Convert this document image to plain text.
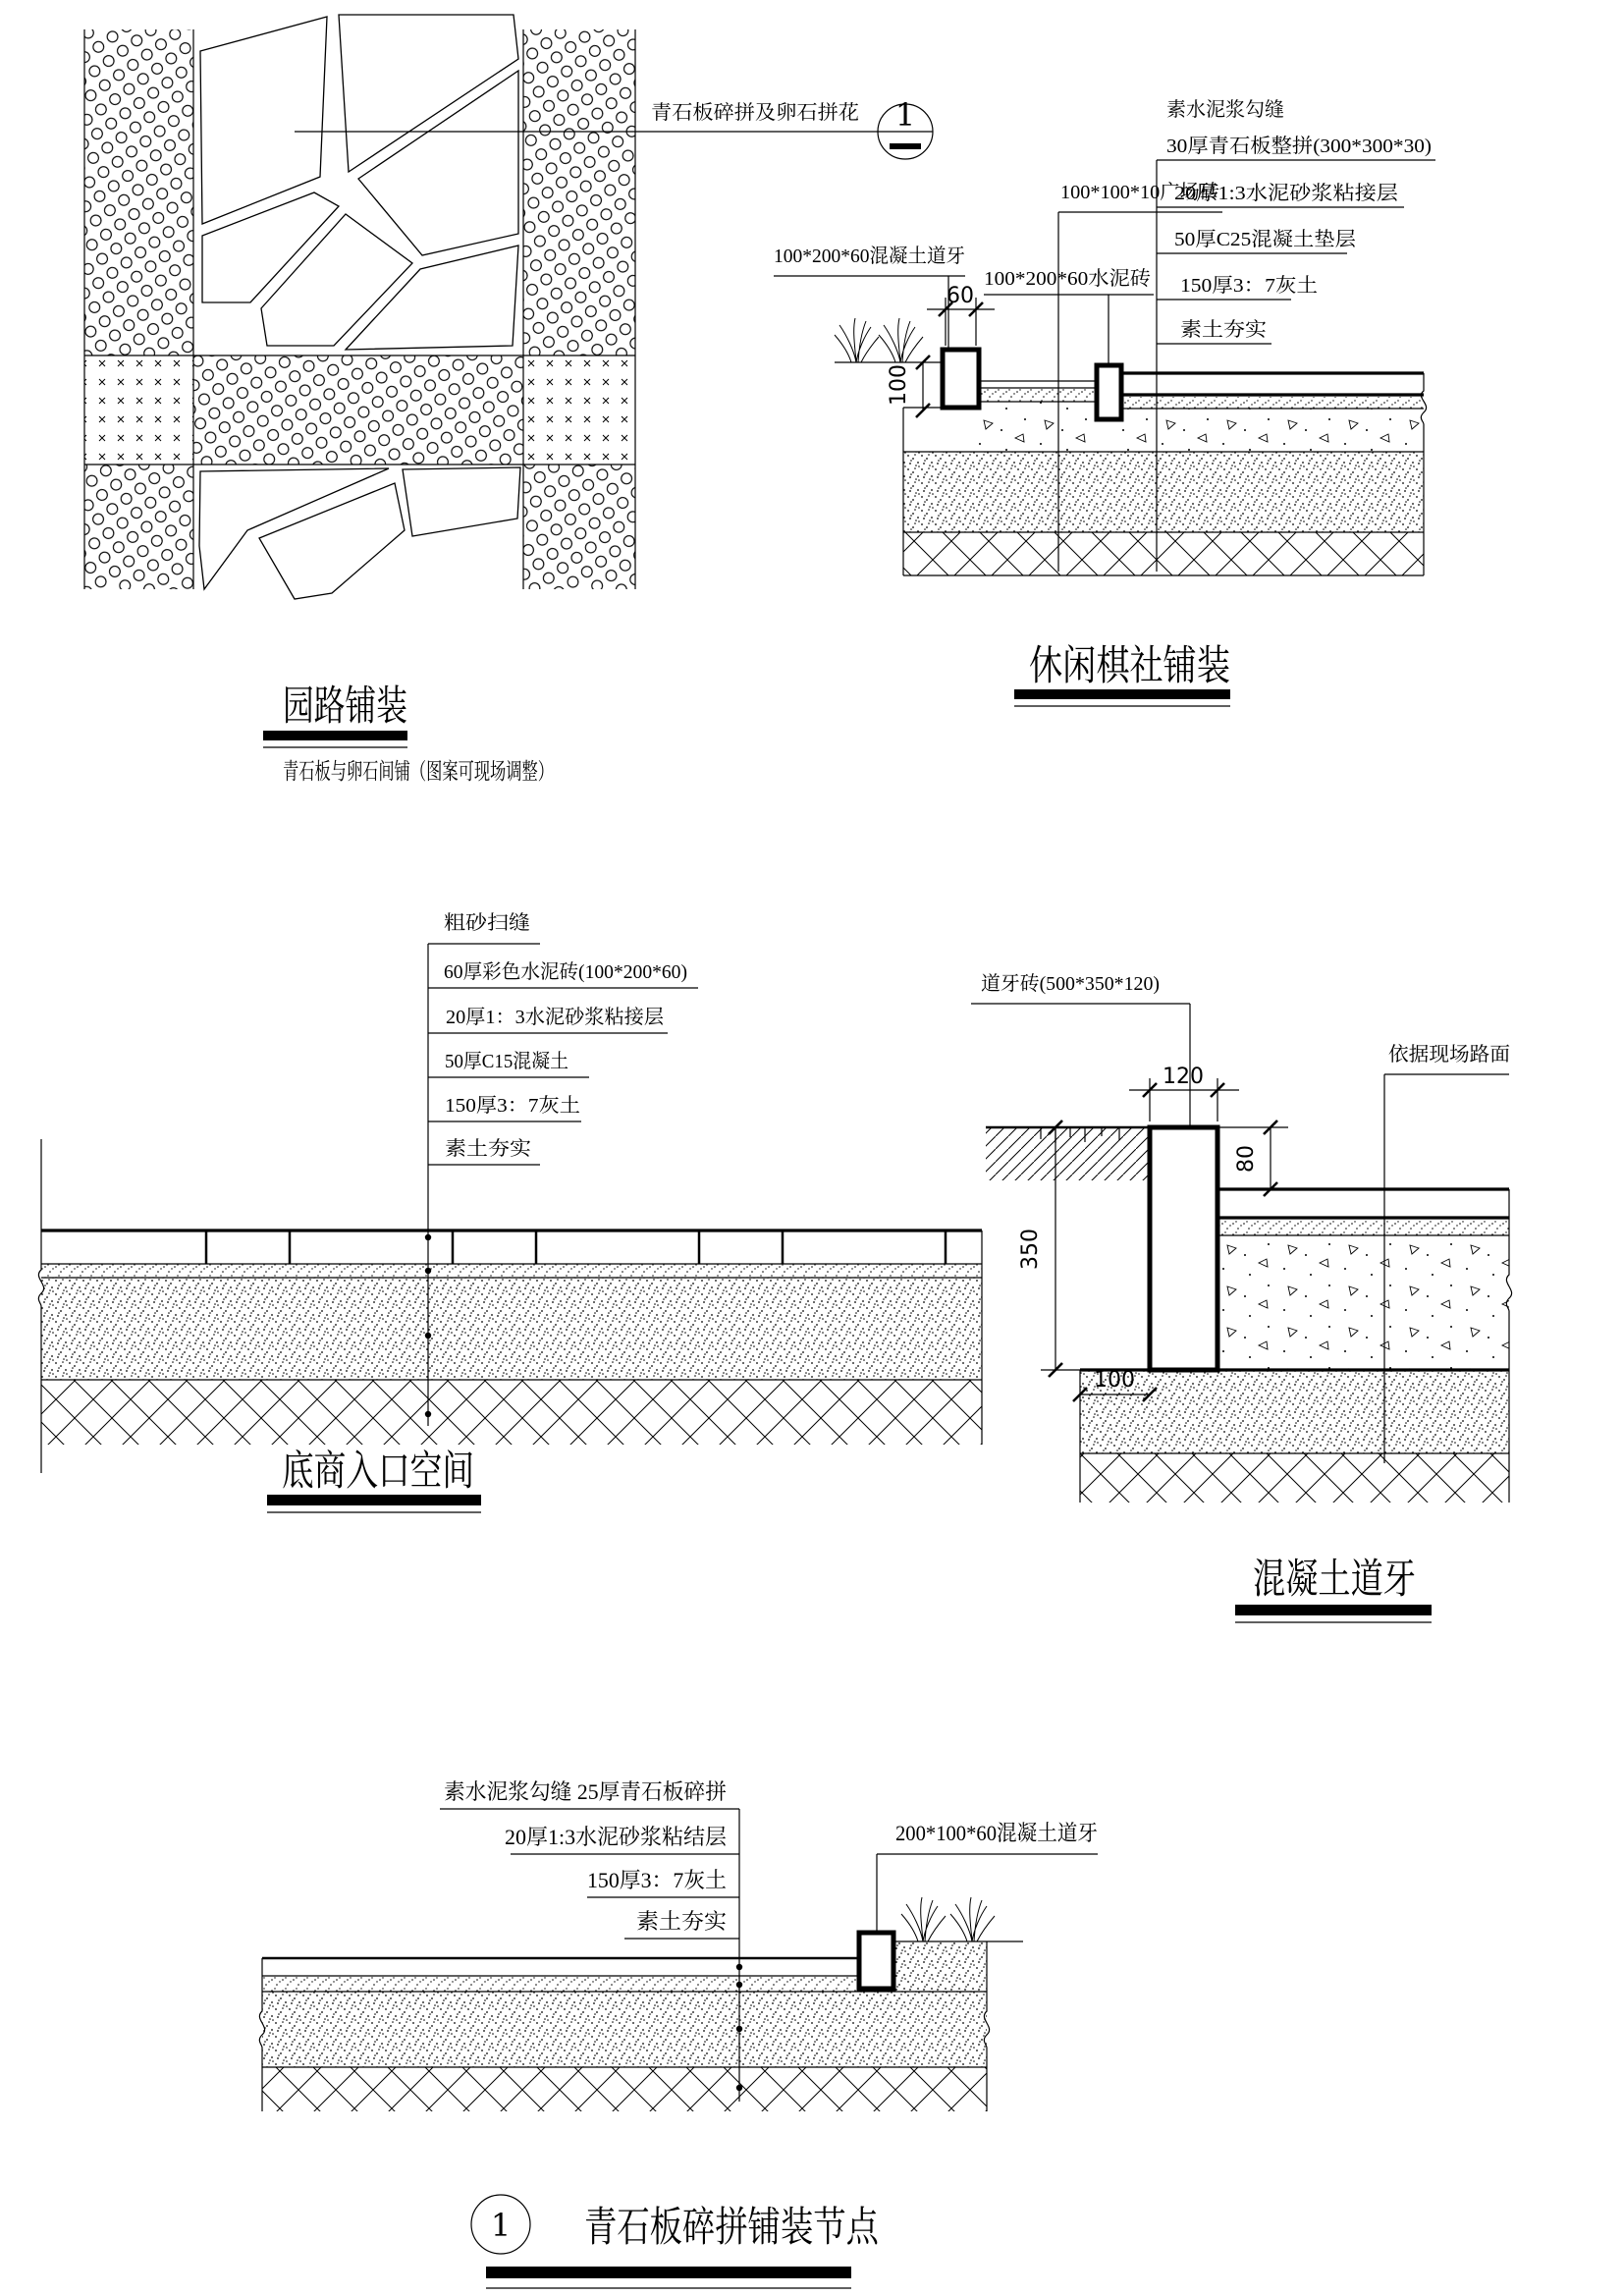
青石板碎拼及卵石拼花	1
园路铺装
青石板与卵石间铺（图案可现场调整）
素水泥浆勾缝
30厚青石板整拼(300*300*30)
20厚1:3水泥砂浆粘接层
50厚C25混凝土垫层
150厚3：7灰土
素土夯实
100*100*10广场砖
100*200*60混凝土道牙
100*200*60水泥砖
60
100
休闲棋社铺装
粗砂扫缝
60厚彩色水泥砖(100*200*60)
20厚1：3水泥砂浆粘接层
50厚C15混凝土
150厚3：7灰土
素土夯实
底商入口空间
道牙砖(500*350*120)
依据现场路面
120
80
350
混凝土道牙
素水泥浆勾缝 25厚青石板碎拼
20厚1:3水泥砂浆粘结层
150厚3：7灰土
素土夯实
200*100*60混凝土道牙
1 青石板碎拼铺装节点
